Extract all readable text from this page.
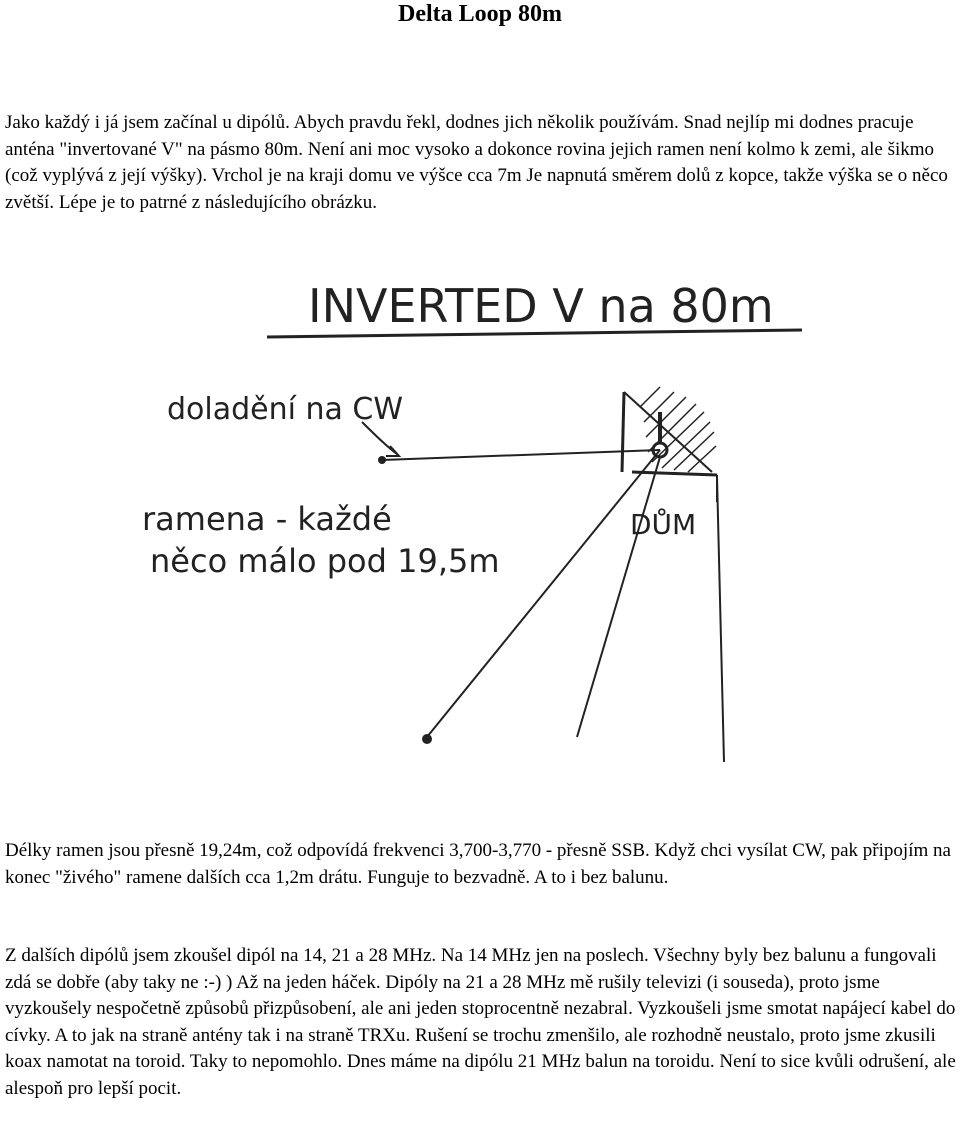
Delta Loop 80m

Jako každý i já jsem začínal u dipólů. Abych pravdu řekl, dodnes jich několik používám. Snad nejlíp mi dodnes pracuje anténa "invertované V" na pásmo 80m. Není ani moc vysoko a dokonce rovina jejich ramen není kolmo k zemi, ale šikmo (což vyplývá z její výšky). Vrchol je na kraji domu ve výšce cca 7m Je napnutá směrem dolů z kopce, takže výška se o něco zvětší. Lépe je to patrné z následujícího obrázku.

INVERTED V na 80m
doladění na CW
ramena - každé
něco málo pod 19,5m
DŮM

Délky ramen jsou přesně 19,24m, což odpovídá frekvenci 3,700-3,770 - přesně SSB. Když chci vysílat CW, pak připojím na konec "živého" ramene dalších cca 1,2m drátu. Funguje to bezvadně. A to i bez balunu.

Z dalších dipólů jsem zkoušel dipól na 14, 21 a 28 MHz. Na 14 MHz jen na poslech. Všechny byly bez balunu a fungovali zdá se dobře (aby taky ne :-) ) Až na jeden háček. Dipóly na 21 a 28 MHz mě rušily televizi (i souseda), proto jsme vyzkoušely nespočetně způsobů přizpůsobení, ale ani jeden stoprocentně nezabral. Vyzkoušeli jsme smotat napájecí kabel do cívky. A to jak na straně antény tak i na straně TRXu. Rušení se trochu zmenšilo, ale rozhodně neustalo, proto jsme zkusili koax namotat na toroid. Taky to nepomohlo. Dnes máme na dipólu 21 MHz balun na toroidu. Není to sice kvůli odrušení, ale alespoň pro lepší pocit.
